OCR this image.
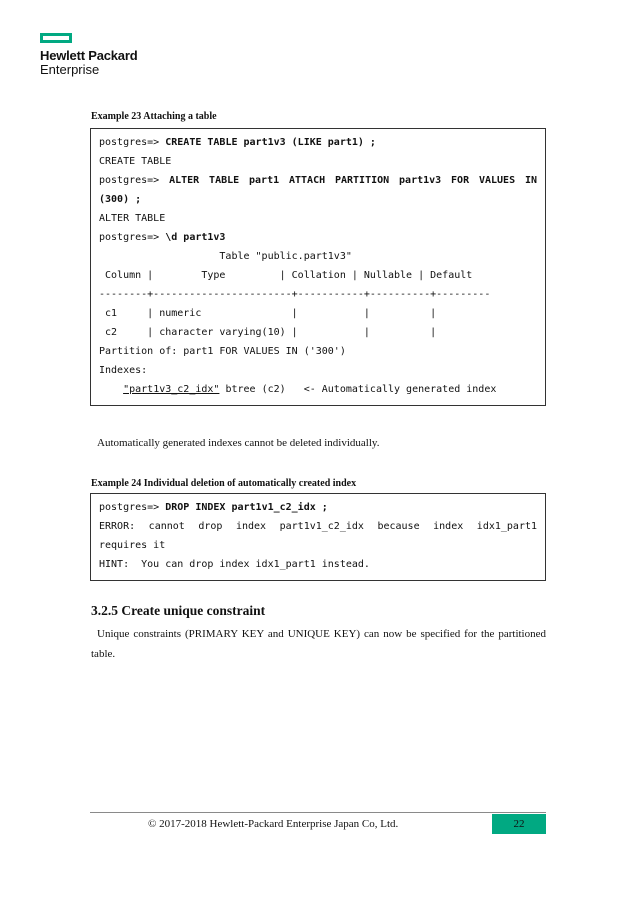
Hewlett Packard
Enterprise
Example 23 Attaching a table
postgres=> CREATE TABLE part1v3 (LIKE part1) ;
CREATE TABLE
postgres=> ALTER TABLE part1 ATTACH PARTITION part1v3 FOR VALUES IN
(300) ;
ALTER TABLE
postgres=> \d part1v3
Table "public.part1v3"
Column |        Type         | Collation | Nullable | Default
--------+-----------------------+-----------+----------+---------
c1     | numeric               |           |          |
c2     | character varying(10) |           |          |
Partition of: part1 FOR VALUES IN ('300')
Indexes:
"part1v3_c2_idx" btree (c2)   <- Automatically generated index
Automatically generated indexes cannot be deleted individually.
Example 24 Individual deletion of automatically created index
postgres=> DROP INDEX part1v1_c2_idx ;
ERROR: cannot drop index part1v1_c2_idx because index idx1_part1
requires it
HINT:  You can drop index idx1_part1 instead.
3.2.5 Create unique constraint
Unique constraints (PRIMARY KEY and UNIQUE KEY) can now be specified for the partitioned table.
© 2017-2018 Hewlett-Packard Enterprise Japan Co, Ltd.	22
